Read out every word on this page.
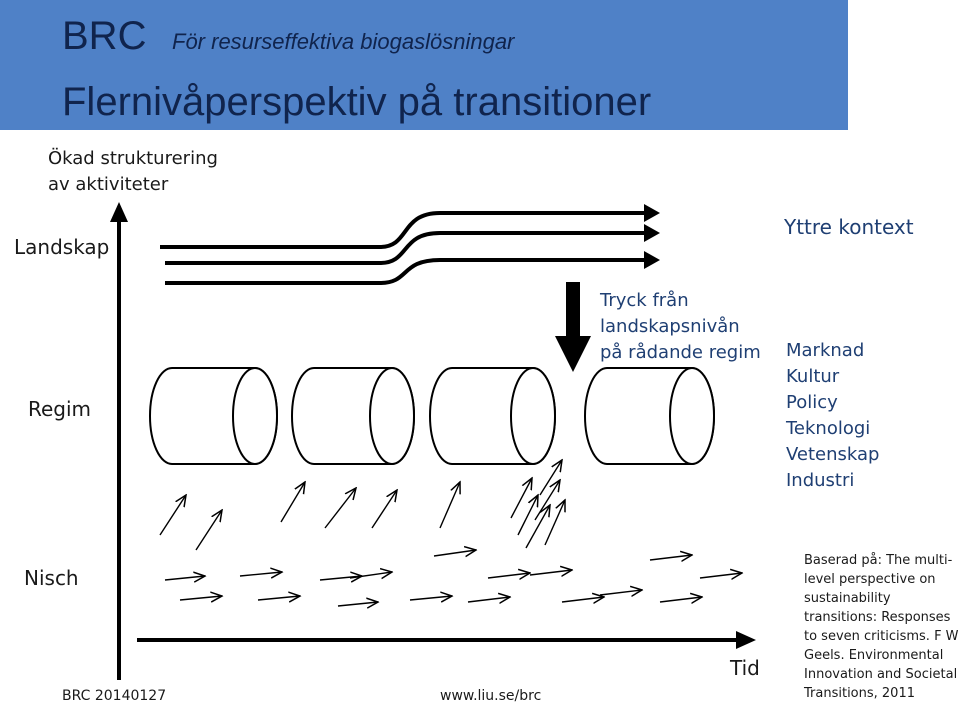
BRC För resurseffektiva biogaslösningar
Flernivåperspektiv på transitioner
Ökad strukturering
av aktiviteter
Landskap
Regim
Nisch
Tid
Yttre kontext
Tryck från
landskapsnivån
på rådande regim Marknad
Kultur
Policy
Teknologi
Vetenskap
Industri
Baserad på: The multi-level perspective on sustainability transitions: Responses to seven criticisms. F W Geels. Environmental Innovation and Societal Transitions, 2011
BRC 20140127	www.liu.se/brc
